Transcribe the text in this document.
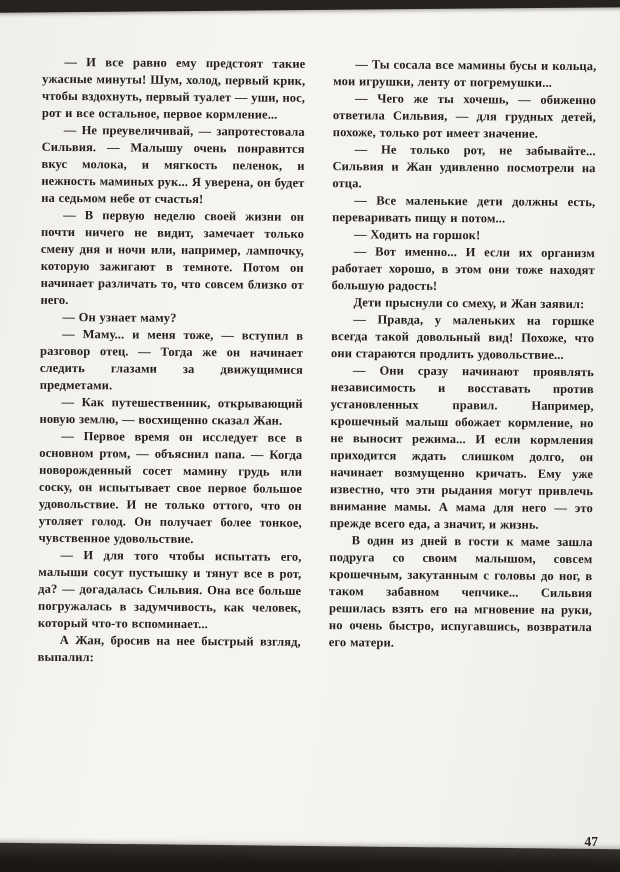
— И все равно ему предстоят такие ужасные минуты! Шум, холод, первый крик, чтобы вздохнуть, первый туалет — уши, нос, рот и все остальное, первое кормление...

— Не преувеличивай, — запротестовала Сильвия. — Малышу очень понравится вкус молока, и мягкость пеленок, и нежность маминых рук... Я уверена, он будет на седьмом небе от счастья!

— В первую неделю своей жизни он почти ничего не видит, замечает только смену дня и ночи или, например, лампочку, которую зажигают в темноте. Потом он начинает различать то, что совсем близко от него.

— Он узнает маму?

— Маму... и меня тоже, — вступил в разговор отец. — Тогда же он начинает следить глазами за движущимися предметами.

— Как путешественник, открывающий новую землю, — восхищенно сказал Жан.

— Первое время он исследует все в основном ртом, — объяснил папа. — Когда новорожденный сосет мамину грудь или соску, он испытывает свое первое большое удовольствие. И не только оттого, что он утоляет голод. Он получает более тонкое, чувственное удовольствие.

— И для того чтобы испытать его, малыши сосут пустышку и тянут все в рот, да? — догадалась Сильвия. Она все больше погружалась в задумчивость, как человек, который что-то вспоминает...

А Жан, бросив на нее быстрый взгляд, выпалил:

— Ты сосала все мамины бусы и кольца, мои игрушки, ленту от погремушки...

— Чего же ты хочешь, — обиженно ответила Сильвия, — для грудных детей, похоже, только рот имеет значение.

— Не только рот, не забывайте... Сильвия и Жан удивленно посмотрели на отца.

— Все маленькие дети должны есть, переваривать пищу и потом...

— Ходить на горшок!

— Вот именно... И если их организм работает хорошо, в этом они тоже находят большую радость!

Дети прыснули со смеху, и Жан заявил:

— Правда, у маленьких на горшке всегда такой довольный вид! Похоже, что они стараются продлить удовольствие...

— Они сразу начинают проявлять независимость и восставать против установленных правил. Например, крошечный малыш обожает кормление, но не выносит режима... И если кормления приходится ждать слишком долго, он начинает возмущенно кричать. Ему уже известно, что эти рыдания могут привлечь внимание мамы. А мама для него — это прежде всего еда, а значит, и жизнь.

В один из дней в гости к маме зашла подруга со своим малышом, совсем крошечным, закутанным с головы до ног, в таком забавном чепчике... Сильвия решилась взять его на мгновение на руки, но очень быстро, испугавшись, возвратила его матери.

47
